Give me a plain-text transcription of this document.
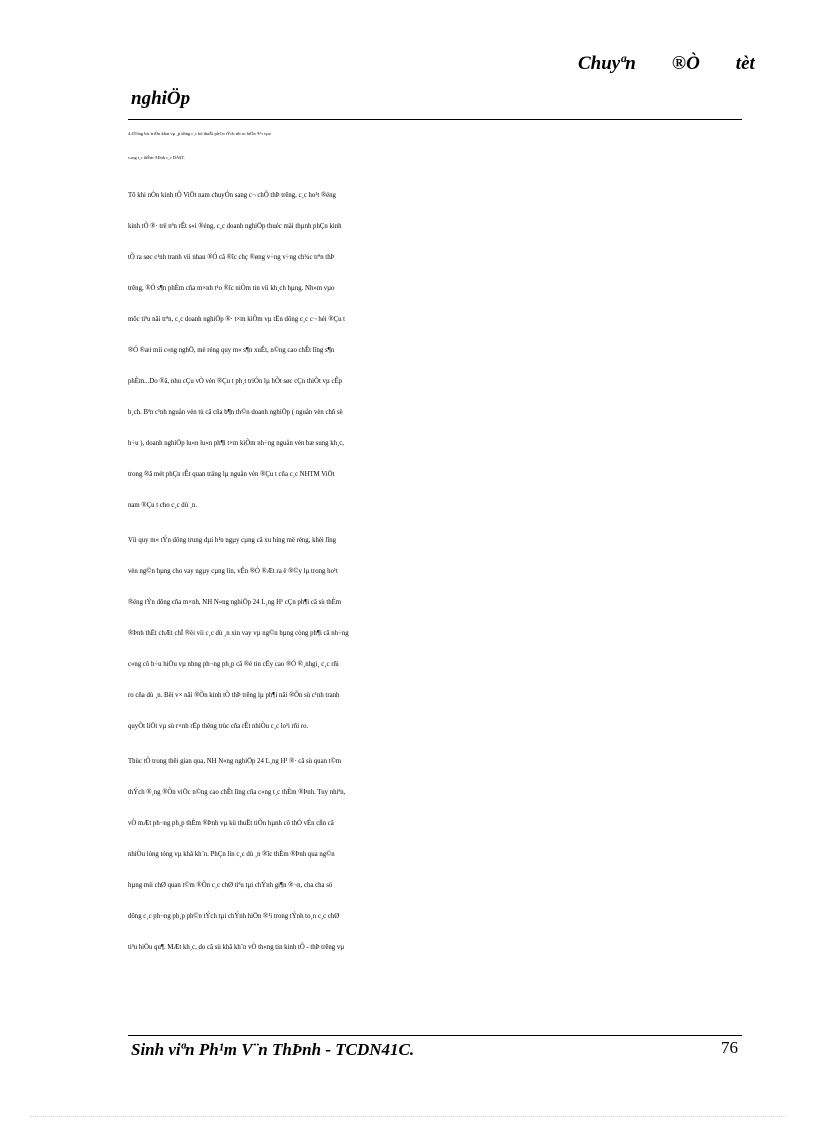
Chuyªn ®Ò tèt
nghiÖp

4.4Tổng bíc triÓn khai vµ ¸p dông c¸c kü thuËt ph©n tÝch rñi ro hiÖn ®¹i vµo

c«ng t¸c thÈm ®Þnh c¸c DA§T.

Tõ khi nÒn kinh tÕ ViÖt nam chuyÓn sang c¬ chÕ thÞ trêng, c¸c ho¹t ®éng

kinh tÕ ®· trë nªn rÊt s«i ®éng, c¸c doanh nghiÖp thuéc mäi thµnh phÇn kinh

tÕ ra søc c¹nh tranh víi nhau ®Ó cã ®îc chç ®øng v÷ng v÷ng ch¾c trªn thÞ

trêng, ®Ó s¶n phÈm cña m×nh t¹o ®îc niÒm tin víi kh¸ch hµng. Nh»m vµo

môc tiªu nãi trªn, c¸c doanh nghiÖp ®· t×m kiÕm vµ tËn dông c¸c c¬ héi ®Çu t

®Ó ®æi míi c«ng nghÖ, më réng quy m« s¶n xuÊt, n©ng cao chÊt lîng s¶n

phÈm...Do ®ã, nhu cÇu vÒ vèn ®Çu t ph¸t triÓn lµ hÕt søc cÇn thiÕt vµ cÊp

b¸ch. Bªn c¹nh nguån vèn tù cã cña b¶n th©n doanh nghiÖp ( nguån vèn chñ së

h÷u ), doanh nghiÖp lu«n lu«n ph¶i t×m kiÕm nh÷ng nguån vèn bæ sung kh¸c,

trong ®ã mét phÇn rÊt quan träng lµ nguån vèn ®Çu t cña c¸c NHTM ViÖt

nam ®Çu t cho c¸c dù ¸n.

Víi quy m« tÝn dông trung dµi h¹n ngµy cµng cã xu híng më réng, khèi lîng

vèn ng©n hµng cho vay ngµy cµng lín, vÊn ®Ò ®Æt ra ë ®©y lµ trong ho¹t

®éng tÝn dông cña m×nh, NH N«ng nghiÖp 24 L¸ng H¹ cÇn ph¶i cã sù thÈm

®Þnh thËt chÆt chÏ ®èi víi c¸c dù ¸n xin vay vµ ng©n hµng còng ph¶i cã nh÷ng

c«ng cô h÷u hiÖu vµ nhng ph¬ng ph¸p cã ®é tin cËy cao ®Ó ®¸nhgi¸ c¸c rñi

ro cña dù ¸n. Bëi v× nãi ®Õn kinh tÕ thÞ trêng lµ ph¶i nãi ®Õn sù c¹nh tranh

quyÕt liÖt vµ sù r×nh rËp thêng trùc cña rÊt nhiÒu c¸c lo¹i rñi ro.

Thùc tÕ trong thêi gian qua, NH N«ng nghiÖp 24 L¸ng H¹ ®· cã sù quan t©m

thÝch ®¸ng ®Õn viÖc n©ng cao chÊt lîng cña c«ng t¸c thÈm ®Þnh. Tuy nhiªn,

vÒ mÆt ph¬ng ph¸p thÈm ®Þnh vµ kü thuËt tiÕn hµnh cô thÓ vÉn cßn cã

nhiÒu lóng tóng vµ khã kh¨n. PhÇn lín c¸c dù ¸n ®îc thÈm ®Þnh qua ng©n

hµng míi chØ quan t©m ®Õn c¸c chØ tiªu tµi chÝnh gi¶n ®¬n, cha cha sö

dông c¸c ph¬ng ph¸p ph©n tÝch tµi chÝnh hiÖn ®¹i trong tÝnh to¸n c¸c chØ

tiªu hiÖu qu¶. MÆt kh¸c, do cã sù khã kh¨n vÒ th«ng tin kinh tÕ - thÞ trêng vµ

Sinh viªn Ph¹m V¨n ThÞnh - TCDN41C.	76
